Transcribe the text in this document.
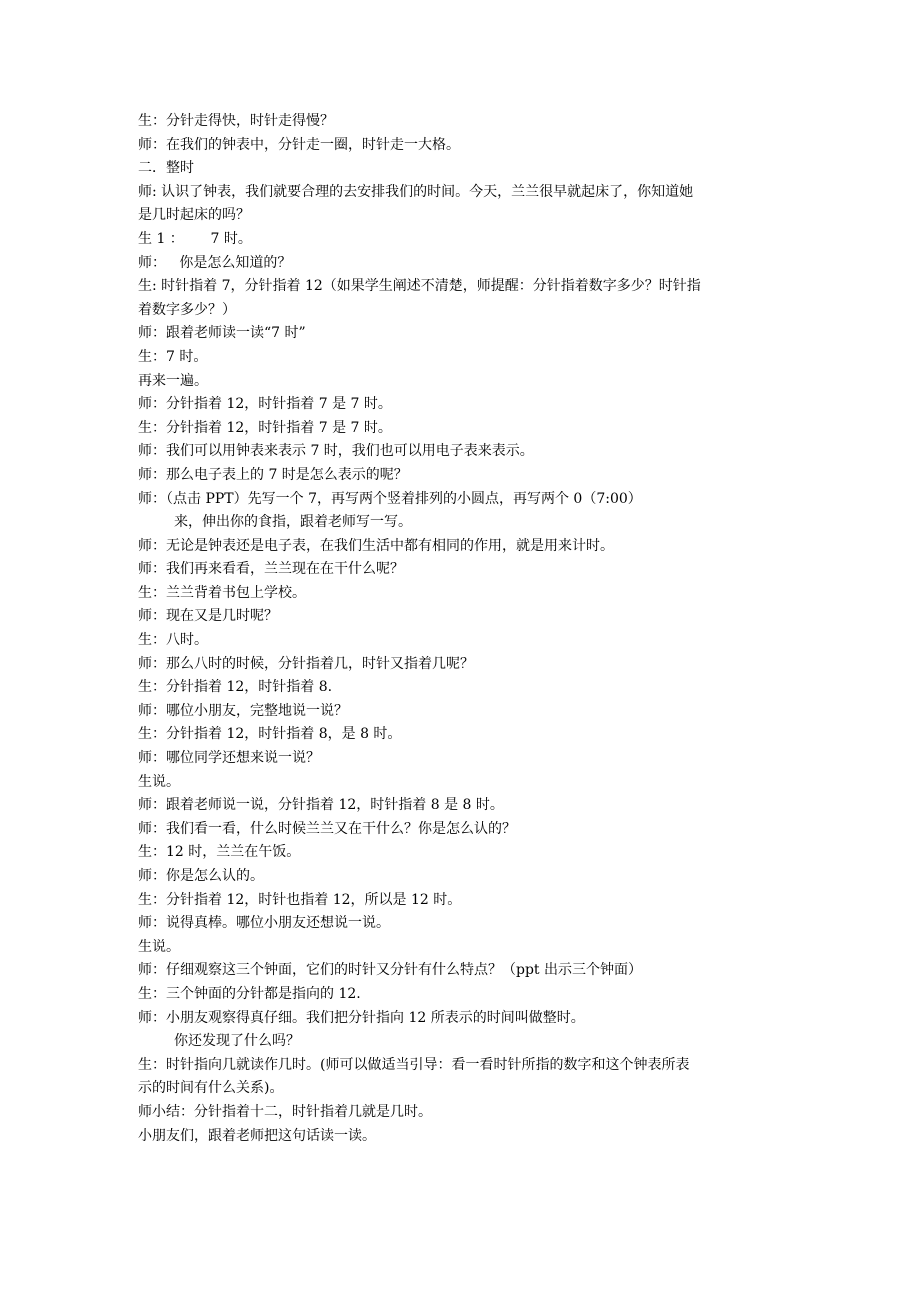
生：分针走得快，时针走得慢？

师：在我们的钟表中，分针走一圈，时针走一大格。

二．整时

师: 认识了钟表，我们就要合理的去安排我们的时间。今天，兰兰很早就起床了，你知道她

是几时起床的吗？

生 1 ：      7 时。

师：   你是怎么知道的？

生: 时针指着 7，分针指着 12（如果学生阐述不清楚，师提醒：分针指着数字多少？时针指

着数字多少？）

师：跟着老师读一读“7 时”

生：7 时。

再来一遍。

师：分针指着 12，时针指着 7 是 7 时。

生：分针指着 12，时针指着 7 是 7 时。

师：我们可以用钟表来表示 7 时，我们也可以用电子表来表示。

师：那么电子表上的 7 时是怎么表示的呢？

师：（点击 PPT）先写一个 7，再写两个竖着排列的小圆点，再写两个 0（7:00）

来，伸出你的食指，跟着老师写一写。

师：无论是钟表还是电子表，在我们生活中都有相同的作用，就是用来计时。

师：我们再来看看，兰兰现在在干什么呢？

生：兰兰背着书包上学校。

师：现在又是几时呢？

生：八时。

师：那么八时的时候，分针指着几，时针又指着几呢？

生：分针指着 12，时针指着 8.

师：哪位小朋友，完整地说一说？

生：分针指着 12，时针指着 8，是 8 时。

师：哪位同学还想来说一说？

生说。

师：跟着老师说一说，分针指着 12，时针指着 8 是 8 时。

师：我们看一看，什么时候兰兰又在干什么？你是怎么认的？

生：12 时，兰兰在午饭。

师：你是怎么认的。

生：分针指着 12，时针也指着 12，所以是 12 时。

师：说得真棒。哪位小朋友还想说一说。

生说。

师：仔细观察这三个钟面，它们的时针又分针有什么特点？（ppt 出示三个钟面）

生：三个钟面的分针都是指向的 12.

师：小朋友观察得真仔细。我们把分针指向 12 所表示的时间叫做整时。

你还发现了什么吗？

生：时针指向几就读作几时。(师可以做适当引导：看一看时针所指的数字和这个钟表所表

示的时间有什么关系)。

师小结：分针指着十二，时针指着几就是几时。

小朋友们，跟着老师把这句话读一读。
